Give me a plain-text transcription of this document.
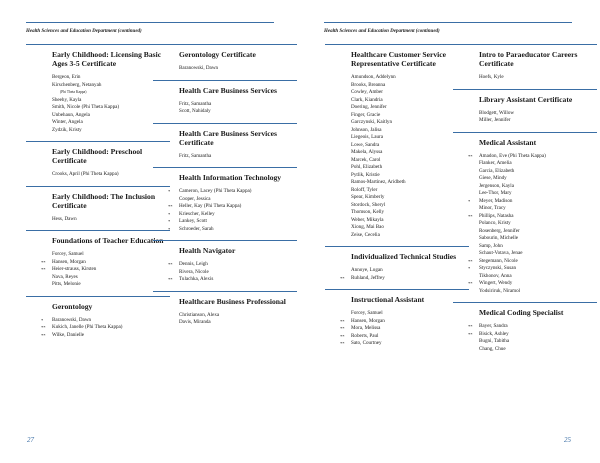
Health Sciences and Education Department (continued)
Early Childhood: Licensing Basic Ages 3-5 Certificate
Bergeon, Erin
Kirschenberg, Netanyah
(Phi Theta Kappa)
Sheehy, Kayla
Smith, Nicole (Phi Theta Kappa)
Unbehaun, Angela
Winter, Angela
Zydzik, Kristy
Early Childhood: Preschool Certificate
Crooks, April (Phi Theta Kappa)
Early Childhood: The Inclusion Certificate
Hess, Dawn
Foundations of Teacher Education
Forcey, Samuel
** Hansen, Morgan
** Heier-strauss, Kirsten
Nava, Reyes
Pitts, Melonie
Gerontology
* Baranowski, Dawn
** Kukich, Janelle (Phi Theta Kappa)
** Wilke, Danielle
Gerontology Certificate
Baranowski, Dawn
Health Care Business Services
Fritz, Samantha
Scott, Nahidaly
Health Care Business Services Certificate
Fritz, Samantha
Health Information Technology
* Cameron, Lacey (Phi Theta Kappa)
Cooper, Jessica
** Heller, Kay (Phi Theta Kappa)
* Kriescher, Kelley
* Lankey, Scott
* Schroeder, Sarah
Health Navigator
** Dennis, Leigh
Rivera, Nicole
** Tulachka, Alexis
Healthcare Business Professional
Christianson, Alexa
Davis, Miranda
27
Health Sciences and Education Department (continued)
Healthcare Customer Service Representative Certificate
Amundson, Addelynn
Brooks, Breanna
Cowley, Amber
Clark, Kiandria
Doering, Jennifer
Finger, Gracie
Garczynski, Kaitlyn
Johnson, Jalisa
Liegeois, Laura
Lowe, Sandra
Makela, Alyssa
Marcek, Carol
Pohl, Elizabeth
Pytlik, Kristie
Ramos-Martinez, Aridbeth
Roloff, Tyler
Spear, Kimberly
Stordock, Sheryl
Thomson, Kelly
Weber, Mikayla
Xiong, Mai Bao
Zeise, Cecelia
Individualized Technical Studies
Annoye, Logan
** Ruhland, Jeffrey
Instructional Assistant
Forcey, Samuel
** Hansen, Morgan
** Mora, Melissa
** Roberts, Paul
** Sato, Courtney
Intro to Paraeducator Careers Certificate
Hoefs, Kyle
Library Assistant Certificate
Blodgett, Willow
Miller, Jennifer
Medical Assistant
** Amadon, Eve (Phi Theta Kappa)
Flanker, Amelia
Garcia, Elizabeth
Giese, Mindy
Jergenson, Kayla
Lee-Thor, Mary
* Meyer, Madison
Minor, Tracy
** Phillips, Natasha
Polanco, Kristy
Rosenberg, Jennifer
Sabourin, Michelle
Samp, John
Schaut-Votava, Jenae
** Stegemann, Nicole
* Styczynski, Susan
Tikhonov, Anna
** Wingert, Wendy
Yodsiriruk, Niramol
Medical Coding Specialist
** Bayer, Sandra
** Bisick, Ashley
Bugni, Tabitha
Chang, Chue
25
